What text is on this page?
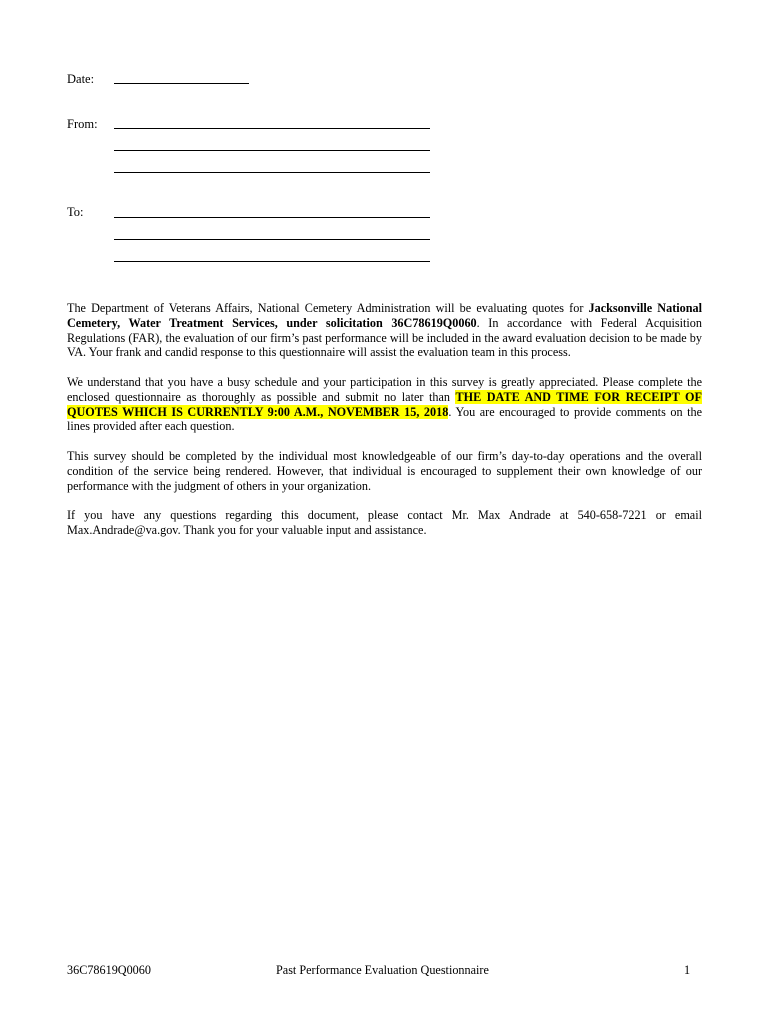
Date:
From:
To:

The Department of Veterans Affairs, National Cemetery Administration will be evaluating quotes for Jacksonville National Cemetery, Water Treatment Services, under solicitation 36C78619Q0060. In accordance with Federal Acquisition Regulations (FAR), the evaluation of our firm’s past performance will be included in the award evaluation decision to be made by VA. Your frank and candid response to this questionnaire will assist the evaluation team in this process.

We understand that you have a busy schedule and your participation in this survey is greatly appreciated. Please complete the enclosed questionnaire as thoroughly as possible and submit no later than THE DATE AND TIME FOR RECEIPT OF QUOTES WHICH IS CURRENTLY 9:00 A.M., NOVEMBER 15, 2018. You are encouraged to provide comments on the lines provided after each question.

This survey should be completed by the individual most knowledgeable of our firm’s day-to-day operations and the overall condition of the service being rendered. However, that individual is encouraged to supplement their own knowledge of our performance with the judgment of others in your organization.

If you have any questions regarding this document, please contact Mr. Max Andrade at 540-658-7221 or email Max.Andrade@va.gov. Thank you for your valuable input and assistance.

36C78619Q0060	Past Performance Evaluation Questionnaire	1
